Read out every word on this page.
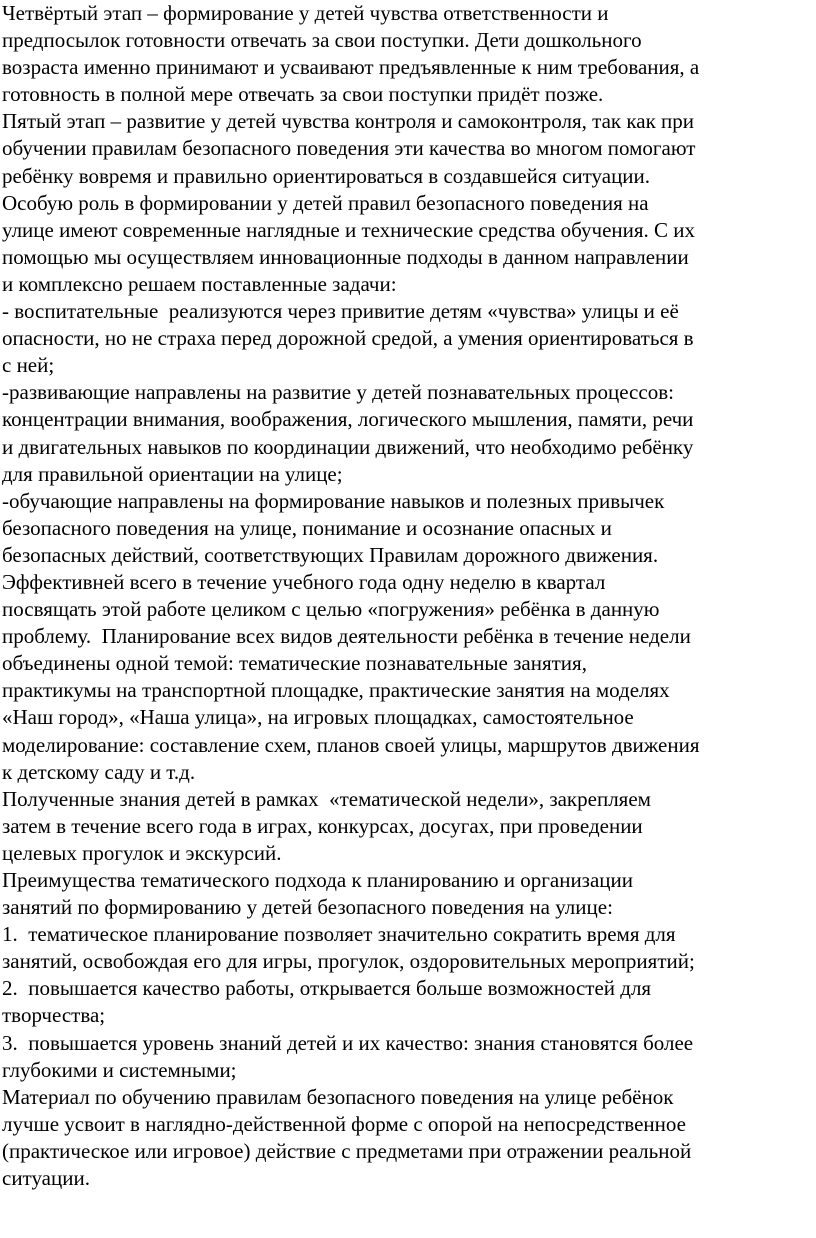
Четвёртый этап – формирование у детей чувства ответственности и
предпосылок готовности отвечать за свои поступки. Дети дошкольного
возраста именно принимают и усваивают предъявленные к ним требования, а
готовность в полной мере отвечать за свои поступки придёт позже.
Пятый этап – развитие у детей чувства контроля и самоконтроля, так как при
обучении правилам безопасного поведения эти качества во многом помогают
ребёнку вовремя и правильно ориентироваться в создавшейся ситуации.
Особую роль в формировании у детей правил безопасного поведения на
улице имеют современные наглядные и технические средства обучения. С их
помощью мы осуществляем инновационные подходы в данном направлении
и комплексно решаем поставленные задачи:
- воспитательные  реализуются через привитие детям «чувства» улицы и её
опасности, но не страха перед дорожной средой, а умения ориентироваться в
с ней;
-развивающие направлены на развитие у детей познавательных процессов:
концентрации внимания, воображения, логического мышления, памяти, речи
и двигательных навыков по координации движений, что необходимо ребёнку
для правильной ориентации на улице;
-обучающие направлены на формирование навыков и полезных привычек
безопасного поведения на улице, понимание и осознание опасных и
безопасных действий, соответствующих Правилам дорожного движения.
Эффективней всего в течение учебного года одну неделю в квартал
посвящать этой работе целиком с целью «погружения» ребёнка в данную
проблему.  Планирование всех видов деятельности ребёнка в течение недели
объединены одной темой: тематические познавательные занятия,
практикумы на транспортной площадке, практические занятия на моделях
«Наш город», «Наша улица», на игровых площадках, самостоятельное
моделирование: составление схем, планов своей улицы, маршрутов движения
к детскому саду и т.д.
Полученные знания детей в рамках  «тематической недели», закрепляем
затем в течение всего года в играх, конкурсах, досугах, при проведении
целевых прогулок и экскурсий.
Преимущества тематического подхода к планированию и организации
занятий по формированию у детей безопасного поведения на улице:
1.  тематическое планирование позволяет значительно сократить время для
занятий, освобождая его для игры, прогулок, оздоровительных мероприятий;
2.  повышается качество работы, открывается больше возможностей для
творчества;
3.  повышается уровень знаний детей и их качество: знания становятся более
глубокими и системными;
Материал по обучению правилам безопасного поведения на улице ребёнок
лучше усвоит в наглядно-действенной форме с опорой на непосредственное
(практическое или игровое) действие с предметами при отражении реальной
ситуации.
